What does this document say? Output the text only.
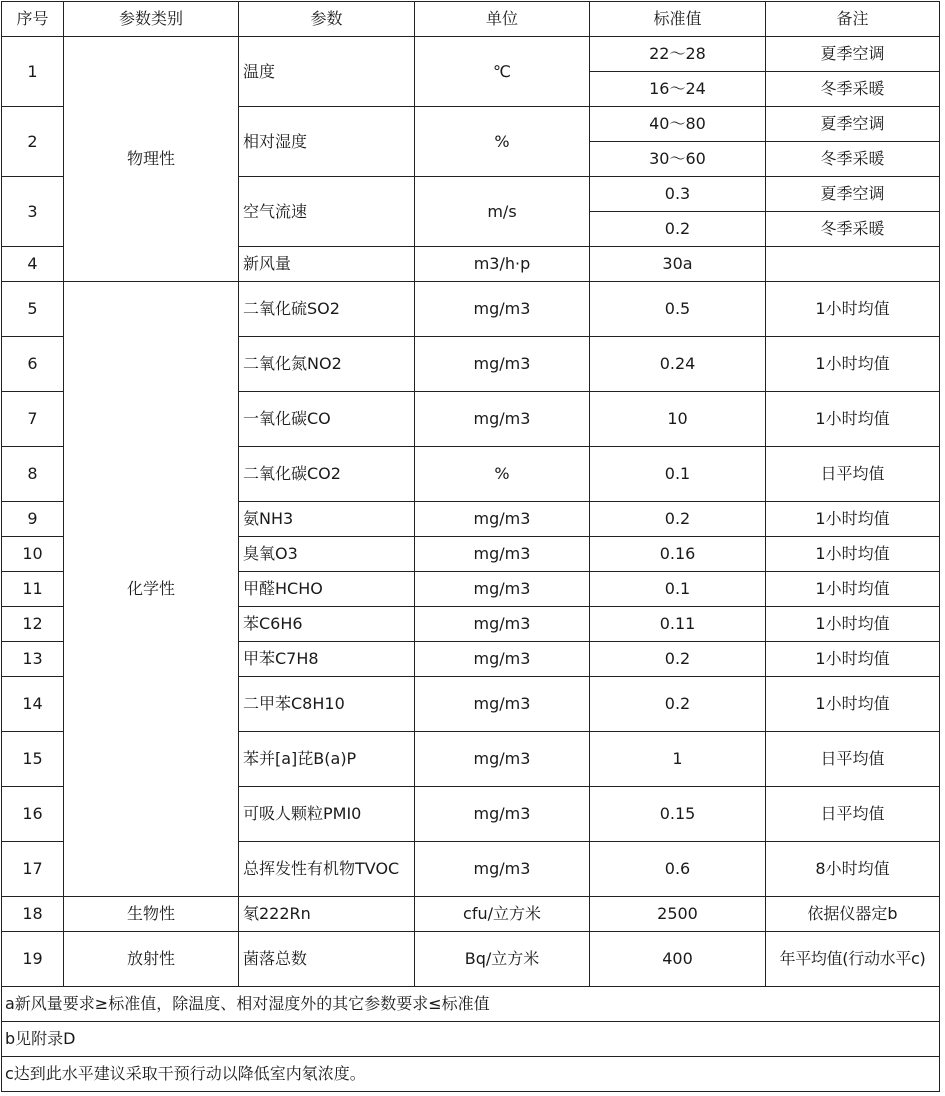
序号	参数类别	参数	单位	标准值	备注
1	物理性	温度	℃	22～28	夏季空调
				16～24	冬季采暖
2		相对湿度	%	40～80	夏季空调
				30～60	冬季采暖
3		空气流速	m/s	0.3	夏季空调
				0.2	冬季采暖
4		新风量	m3/h·p	30a	
5	化学性	二氧化硫SO2	mg/m3	0.5	1小时均值
6		二氧化氮NO2	mg/m3	0.24	1小时均值
7		一氧化碳CO	mg/m3	10	1小时均值
8		二氧化碳CO2	%	0.1	日平均值
9		氨NH3	mg/m3	0.2	1小时均值
10		臭氧O3	mg/m3	0.16	1小时均值
11		甲醛HCHO	mg/m3	0.1	1小时均值
12		苯C6H6	mg/m3	0.11	1小时均值
13		甲苯C7H8	mg/m3	0.2	1小时均值
14		二甲苯C8H10	mg/m3	0.2	1小时均值
15		苯并[a]芘B(a)P	mg/m3	1	日平均值
16		可吸人颗粒PMI0	mg/m3	0.15	日平均值
17		总挥发性有机物TVOC	mg/m3	0.6	8小时均值
18	生物性	氡222Rn	cfu/立方米	2500	依据仪器定b
19	放射性	菌落总数	Bq/立方米	400	年平均值(行动水平c)
a新风量要求≥标准值，除温度、相对湿度外的其它参数要求≤标准值					
b见附录D					
c达到此水平建议采取干预行动以降低室内氡浓度。					
